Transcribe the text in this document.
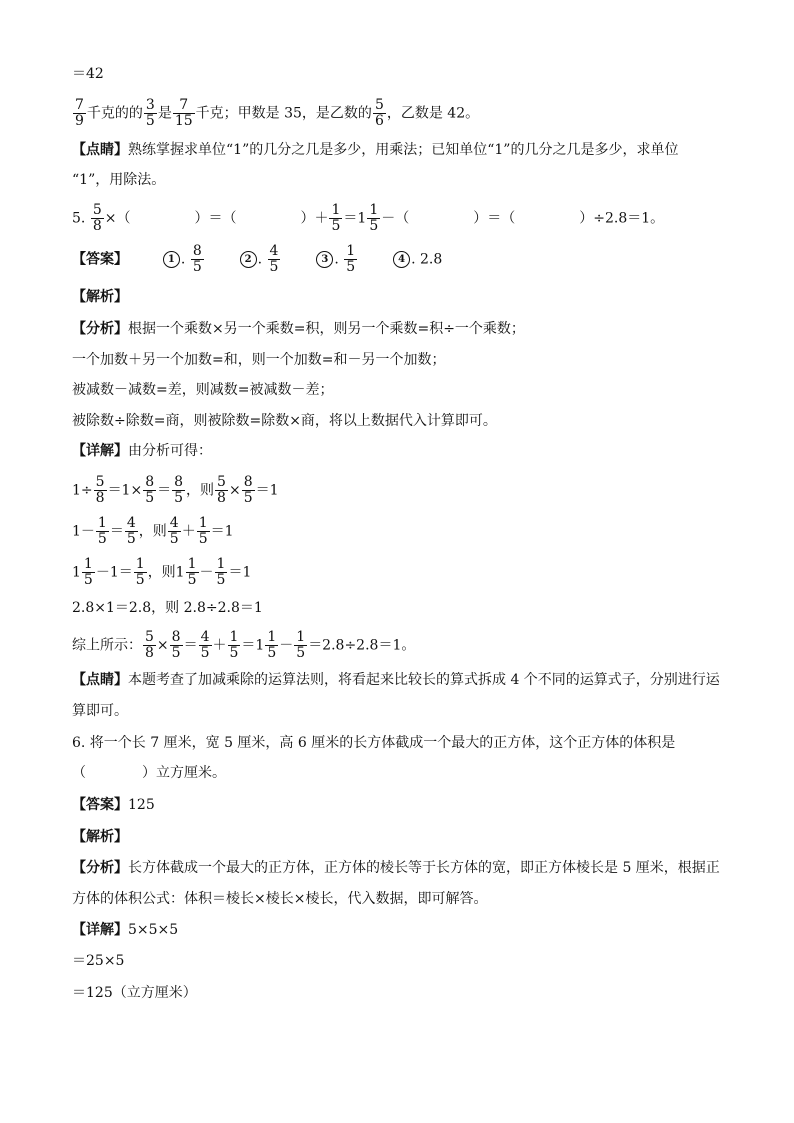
＝42
$\frac{7}{9}$ 千克的的 $\frac{3}{5}$ 是 $\frac{7}{15}$ 千克；甲数是 35，是乙数的 $\frac{5}{6}$ ，乙数是 42。
【点睛】熟练掌握求单位“1”的几分之几是多少，用乘法；已知单位“1”的几分之几是多少，求单位
“1”，用除法。
5. $\frac{5}{8}$ ×（	）＝（	）＋ $\frac{1}{5} =1 \frac{1}{5}$ －（	）＝（	）÷2.8＝1。
【答案】	1 . $\frac{8}{5}$	2 . $\frac{4}{5}$	3 . $\frac{1}{5}$	4 . 2.8
【解析】
【分析】根据一个乘数×另一个乘数=积，则另一个乘数=积÷一个乘数；
一个加数＋另一个加数=和，则一个加数=和－另一个加数；
被减数－减数=差，则减数=被减数－差；
被除数÷除数=商，则被除数=除数×商，将以上数据代入计算即可。
【详解】由分析可得：
$1\div \frac{5}{8} =1\times \frac{8}{5} = \frac{8}{5}$ ，则 $\frac{5}{8} \times \frac{8}{5} =1$
$1- \frac{1}{5} = \frac{4}{5}$ ，则 $\frac{4}{5} + \frac{1}{5} =1$
$1 \frac{1}{5} -1= \frac{1}{5}$ ，则$1 \frac{1}{5} - \frac{1}{5} =1$
2.8×1＝2.8，则 2.8÷2.8＝1
综上所示： $\frac{5}{8} \times \frac{8}{5} = \frac{4}{5} + \frac{1}{5} =1 \frac{1}{5} - \frac{1}{5} =2.8\div 2.8=1$。
【点睛】本题考查了加减乘除的运算法则，将看起来比较长的算式拆成 4 个不同的运算式子，分别进行运
算即可。
6. 将一个长 7 厘米，宽 5 厘米，高 6 厘米的长方体截成一个最大的正方体，这个正方体的体积是
（　　　　）立方厘米。
【答案】125
【解析】
【分析】长方体截成一个最大的正方体，正方体的棱长等于长方体的宽，即正方体棱长是 5 厘米，根据正
方体的体积公式：体积＝棱长×棱长×棱长，代入数据，即可解答。
【详解】5×5×5
＝25×5
＝125（立方厘米）
